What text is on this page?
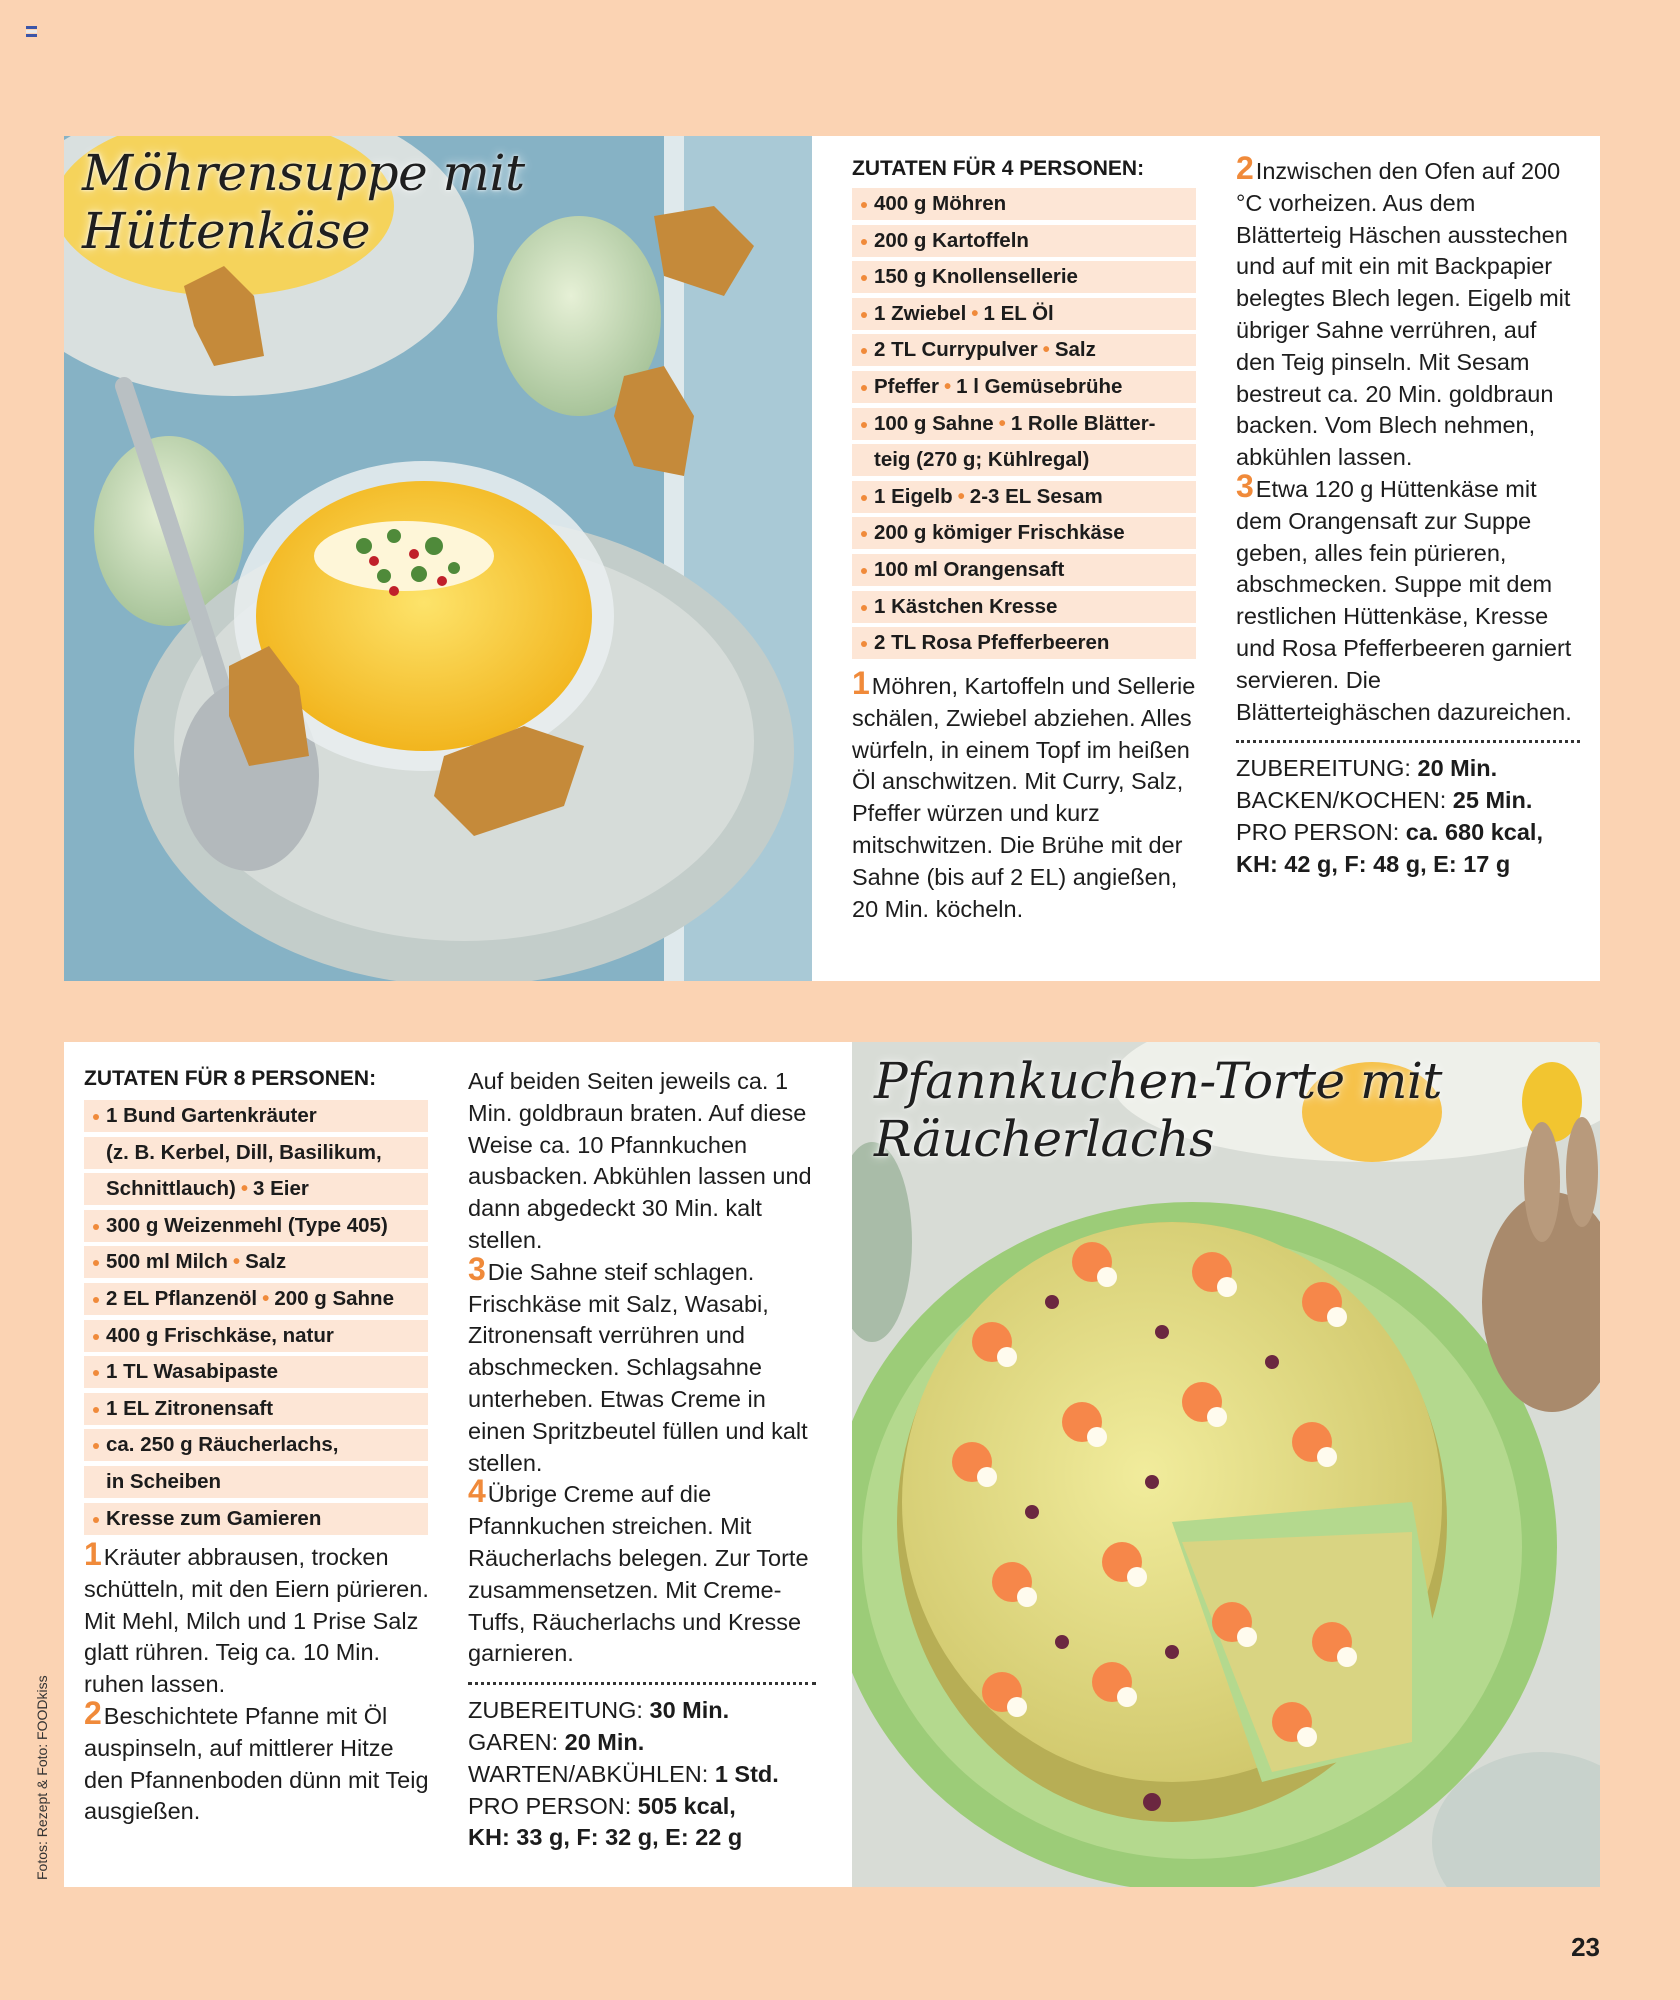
Möhrensuppe mit Hüttenkäse
ZUTATEN FÜR 4 PERSONEN:
400 g Möhren
200 g Kartoffeln
150 g Knollensellerie
1 Zwiebel • 1 EL Öl
2 TL Currypulver • Salz
Pfeffer • 1 l Gemüsebrühe
100 g Sahne • 1 Rolle Blätter-
teig (270 g; Kühlregal)
1 Eigelb • 2-3 EL Sesam
200 g kömiger Frischkäse
100 ml Orangensaft
1 Kästchen Kresse
2 TL Rosa Pfefferbeeren

1Möhren, Kartoffeln und Sellerie schälen, Zwiebel abziehen. Alles würfeln, in einem Topf im heißen Öl anschwitzen. Mit Curry, Salz, Pfeffer würzen und kurz mitschwitzen. Die Brühe mit der Sahne (bis auf 2 EL) angießen, 20 Min. köcheln.

2Inzwischen den Ofen auf 200 °C vorheizen. Aus dem Blätterteig Häschen ausstechen und auf mit ein mit Backpapier belegtes Blech legen. Eigelb mit übriger Sahne verrühren, auf den Teig pinseln. Mit Sesam bestreut ca. 20 Min. goldbraun backen. Vom Blech nehmen, abkühlen lassen.

3Etwa 120 g Hüttenkäse mit dem Orangensaft zur Suppe geben, alles fein pürieren, abschmecken. Suppe mit dem restlichen Hüttenkäse, Kresse und Rosa Pfefferbeeren garniert servieren. Die Blätterteighäschen dazureichen.

ZUBEREITUNG: 20 Min.

BACKEN/KOCHEN: 25 Min.

PRO PERSON: ca. 680 kcal,

KH: 42 g, F: 48 g, E: 17 g

ZUTATEN FÜR 8 PERSONEN:
1 Bund Gartenkräuter
(z. B. Kerbel, Dill, Basilikum,
Schnittlauch) • 3 Eier
300 g Weizenmehl (Type 405)
500 ml Milch • Salz
2 EL Pflanzenöl • 200 g Sahne
400 g Frischkäse, natur
1 TL Wasabipaste
1 EL Zitronensaft
ca. 250 g Räucherlachs,
in Scheiben
Kresse zum Gamieren

1Kräuter abbrausen, trocken schütteln, mit den Eiern pürieren. Mit Mehl, Milch und 1 Prise Salz glatt rühren. Teig ca. 10 Min. ruhen lassen.

2Beschichtete Pfanne mit Öl auspinseln, auf mittlerer Hitze den Pfannenboden dünn mit Teig ausgießen.

Auf beiden Seiten jeweils ca. 1 Min. goldbraun braten. Auf diese Weise ca. 10 Pfannkuchen ausbacken. Abkühlen lassen und dann abgedeckt 30 Min. kalt stellen.

3Die Sahne steif schlagen. Frischkäse mit Salz, Wasabi, Zitronensaft verrühren und abschmecken. Schlagsahne unterheben. Etwas Creme in einen Spritzbeutel füllen und kalt stellen.

4Übrige Creme auf die Pfannkuchen streichen. Mit Räucherlachs belegen. Zur Torte zusammensetzen. Mit Creme-Tuffs, Räucherlachs und Kresse garnieren.

ZUBEREITUNG: 30 Min.

GAREN: 20 Min.

WARTEN/ABKÜHLEN: 1 Std.

PRO PERSON: 505 kcal,

KH: 33 g, F: 32 g, E: 22 g

Pfannkuchen-Torte mit Räucherlachs
Fotos: Rezept & Foto: FOODkiss
23
